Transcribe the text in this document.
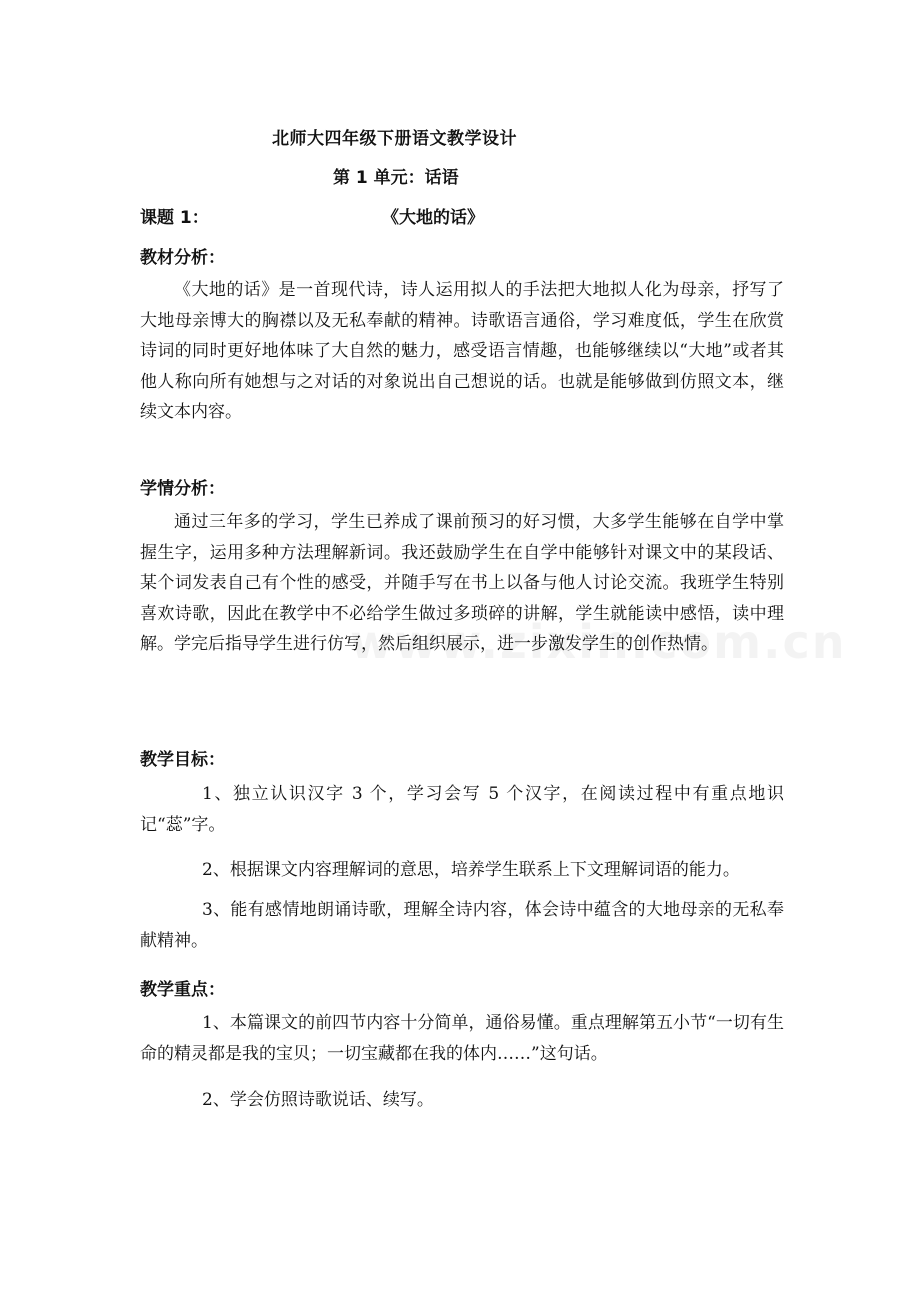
北师大四年级下册语文教学设计
第 1 单元：话语
课题 1：	《大地的话》
教材分析：

《大地的话》是一首现代诗，诗人运用拟人的手法把大地拟人化为母亲，抒写了大地母亲博大的胸襟以及无私奉献的精神。诗歌语言通俗，学习难度低，学生在欣赏诗词的同时更好地体味了大自然的魅力，感受语言情趣，也能够继续以“大地”或者其他人称向所有她想与之对话的对象说出自己想说的话。也就是能够做到仿照文本，继续文本内容。

学情分析：

通过三年多的学习，学生已养成了课前预习的好习惯，大多学生能够在自学中掌握生字，运用多种方法理解新词。我还鼓励学生在自学中能够针对课文中的某段话、某个词发表自己有个性的感受，并随手写在书上以备与他人讨论交流。我班学生特别喜欢诗歌，因此在教学中不必给学生做过多琐碎的讲解，学生就能读中感悟，读中理解。学完后指导学生进行仿写，然后组织展示，进一步激发学生的创作热情。

教学目标：

1、独立认识汉字 3 个，学习会写 5 个汉字，在阅读过程中有重点地识记“蕊”字。

2、根据课文内容理解词的意思，培养学生联系上下文理解词语的能力。

3、能有感情地朗诵诗歌，理解全诗内容，体会诗中蕴含的大地母亲的无私奉献精神。

教学重点：

1、本篇课文的前四节内容十分简单，通俗易懂。重点理解第五小节“一切有生命的精灵都是我的宝贝；一切宝藏都在我的体内……”这句话。

2、学会仿照诗歌说话、续写。
